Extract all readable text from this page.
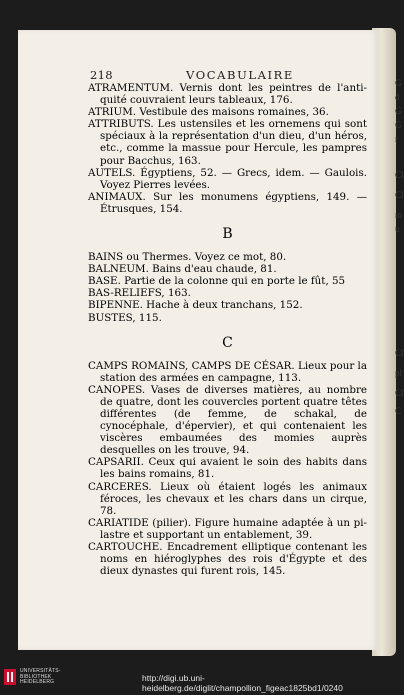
G
d
G
G
r
Cl
Cl
m
u
Cl
pl
Cl
C
218	VOCABULAIRE

ATRAMENTUM. Vernis dont les peintres de l'antiquité couvraient leurs tableaux, 176.

ATRIUM. Vestibule des maisons romaines, 36.

ATTRIBUTS. Les ustensiles et les ornemens qui sont spéciaux à la représentation d'un dieu, d'un héros, etc., comme la massue pour Hercule, les pampres pour Bacchus, 163.

AUTELS. Égyptiens, 52. — Grecs, idem. — Gaulois. Voyez Pierres levées.

ANIMAUX. Sur les monumens égyptiens, 149. — Étrusques, 154.

B

BAINS ou Thermes. Voyez ce mot, 80.

BALNEUM. Bains d'eau chaude, 81.

BASE. Partie de la colonne qui en porte le fût, 55

BAS-RELIEFS, 163.

BIPENNE. Hache à deux tranchans, 152.

BUSTES, 115.

C

CAMPS ROMAINS, CAMPS DE CÉSAR. Lieux pour la station des armées en campagne, 113.

CANOPES. Vases de diverses matières, au nombre de quatre, dont les couvercles portent quatre têtes différentes (de femme, de schakal, de cynocéphale, d'épervier), et qui contenaient les viscères embaumées des momies auprès desquelles on les trouve, 94.

CAPSARII. Ceux qui avaient le soin des habits dans les bains romains, 81.

CARCERES. Lieux où étaient logés les animaux féroces, les chevaux et les chars dans un cirque, 78.

CARIATIDE (pilier). Figure humaine adaptée à un pilastre et supportant un entablement, 39.

CARTOUCHE. Encadrement elliptique contenant les noms en hiéroglyphes des rois d'Égypte et des dieux dynastes qui furent rois, 145.

UNIVERSITÄTS-
BIBLIOTHEK
HEIDELBERG	http://digi.ub.uni-heidelberg.de/diglit/champollion_figeac1825bd1/0240
